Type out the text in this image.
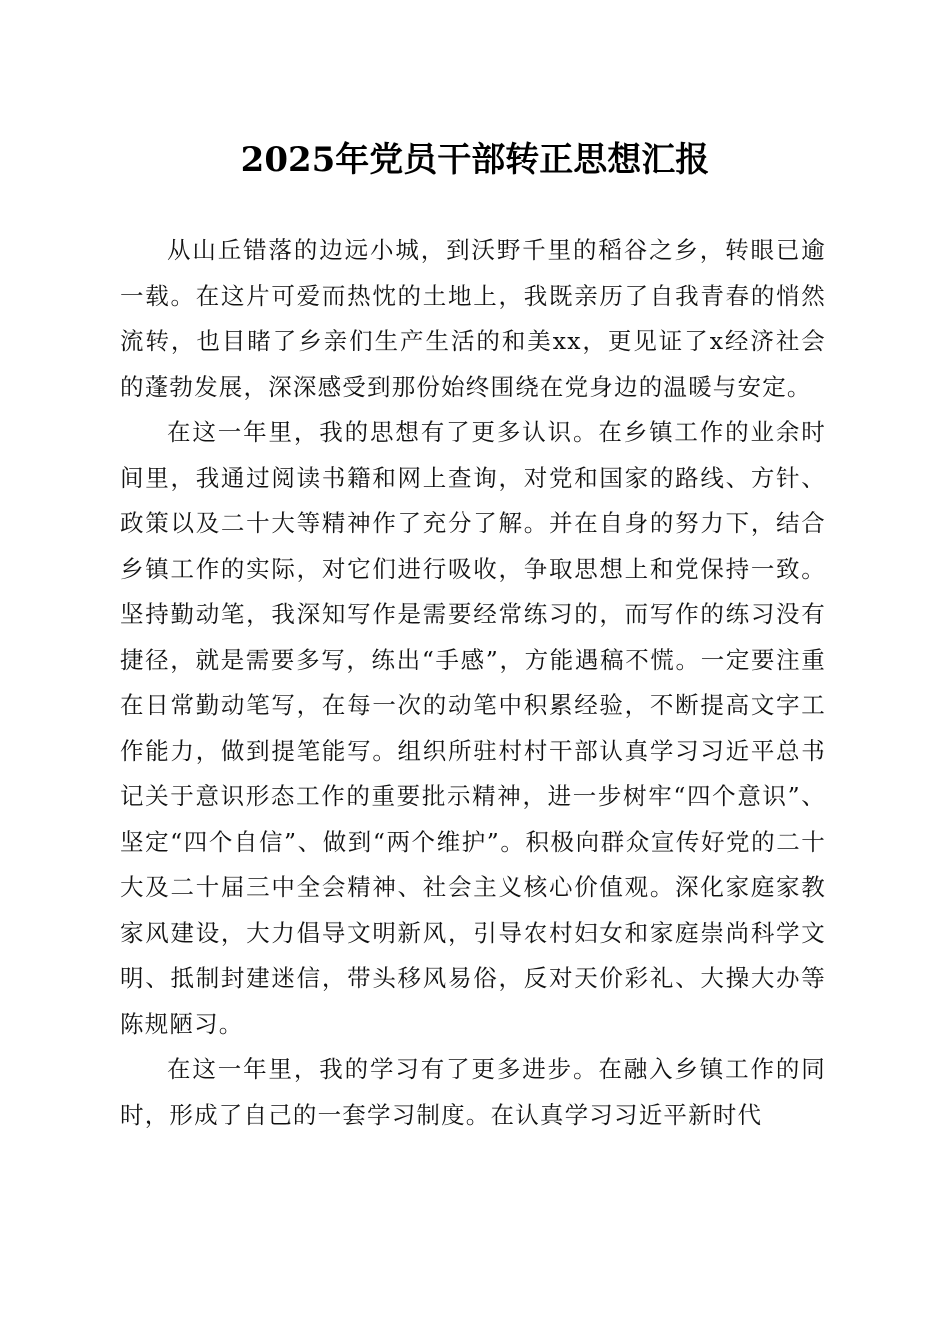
2025年党员干部转正思想汇报

从山丘错落的边远小城，到沃野千里的稻谷之乡，转眼已逾一载。在这片可爱而热忱的土地上，我既亲历了自我青春的悄然流转，也目睹了乡亲们生产生活的和美xx，更见证了x经济社会的蓬勃发展，深深感受到那份始终围绕在党身边的温暖与安定。

在这一年里，我的思想有了更多认识。在乡镇工作的业余时间里，我通过阅读书籍和网上查询，对党和国家的路线、方针、政策以及二十大等精神作了充分了解。并在自身的努力下，结合乡镇工作的实际，对它们进行吸收，争取思想上和党保持一致。坚持勤动笔，我深知写作是需要经常练习的，而写作的练习没有捷径，就是需要多写，练出“手感”，方能遇稿不慌。一定要注重在日常勤动笔写，在每一次的动笔中积累经验，不断提高文字工作能力，做到提笔能写。组织所驻村村干部认真学习习近平总书记关于意识形态工作的重要批示精神，进一步树牢“四个意识”、坚定“四个自信”、做到“两个维护”。积极向群众宣传好党的二十大及二十届三中全会精神、社会主义核心价值观。深化家庭家教家风建设，大力倡导文明新风，引导农村妇女和家庭崇尚科学文明、抵制封建迷信，带头移风易俗，反对天价彩礼、大操大办等陈规陋习。

在这一年里，我的学习有了更多进步。在融入乡镇工作的同时，形成了自己的一套学习制度。在认真学习习近平新时代
